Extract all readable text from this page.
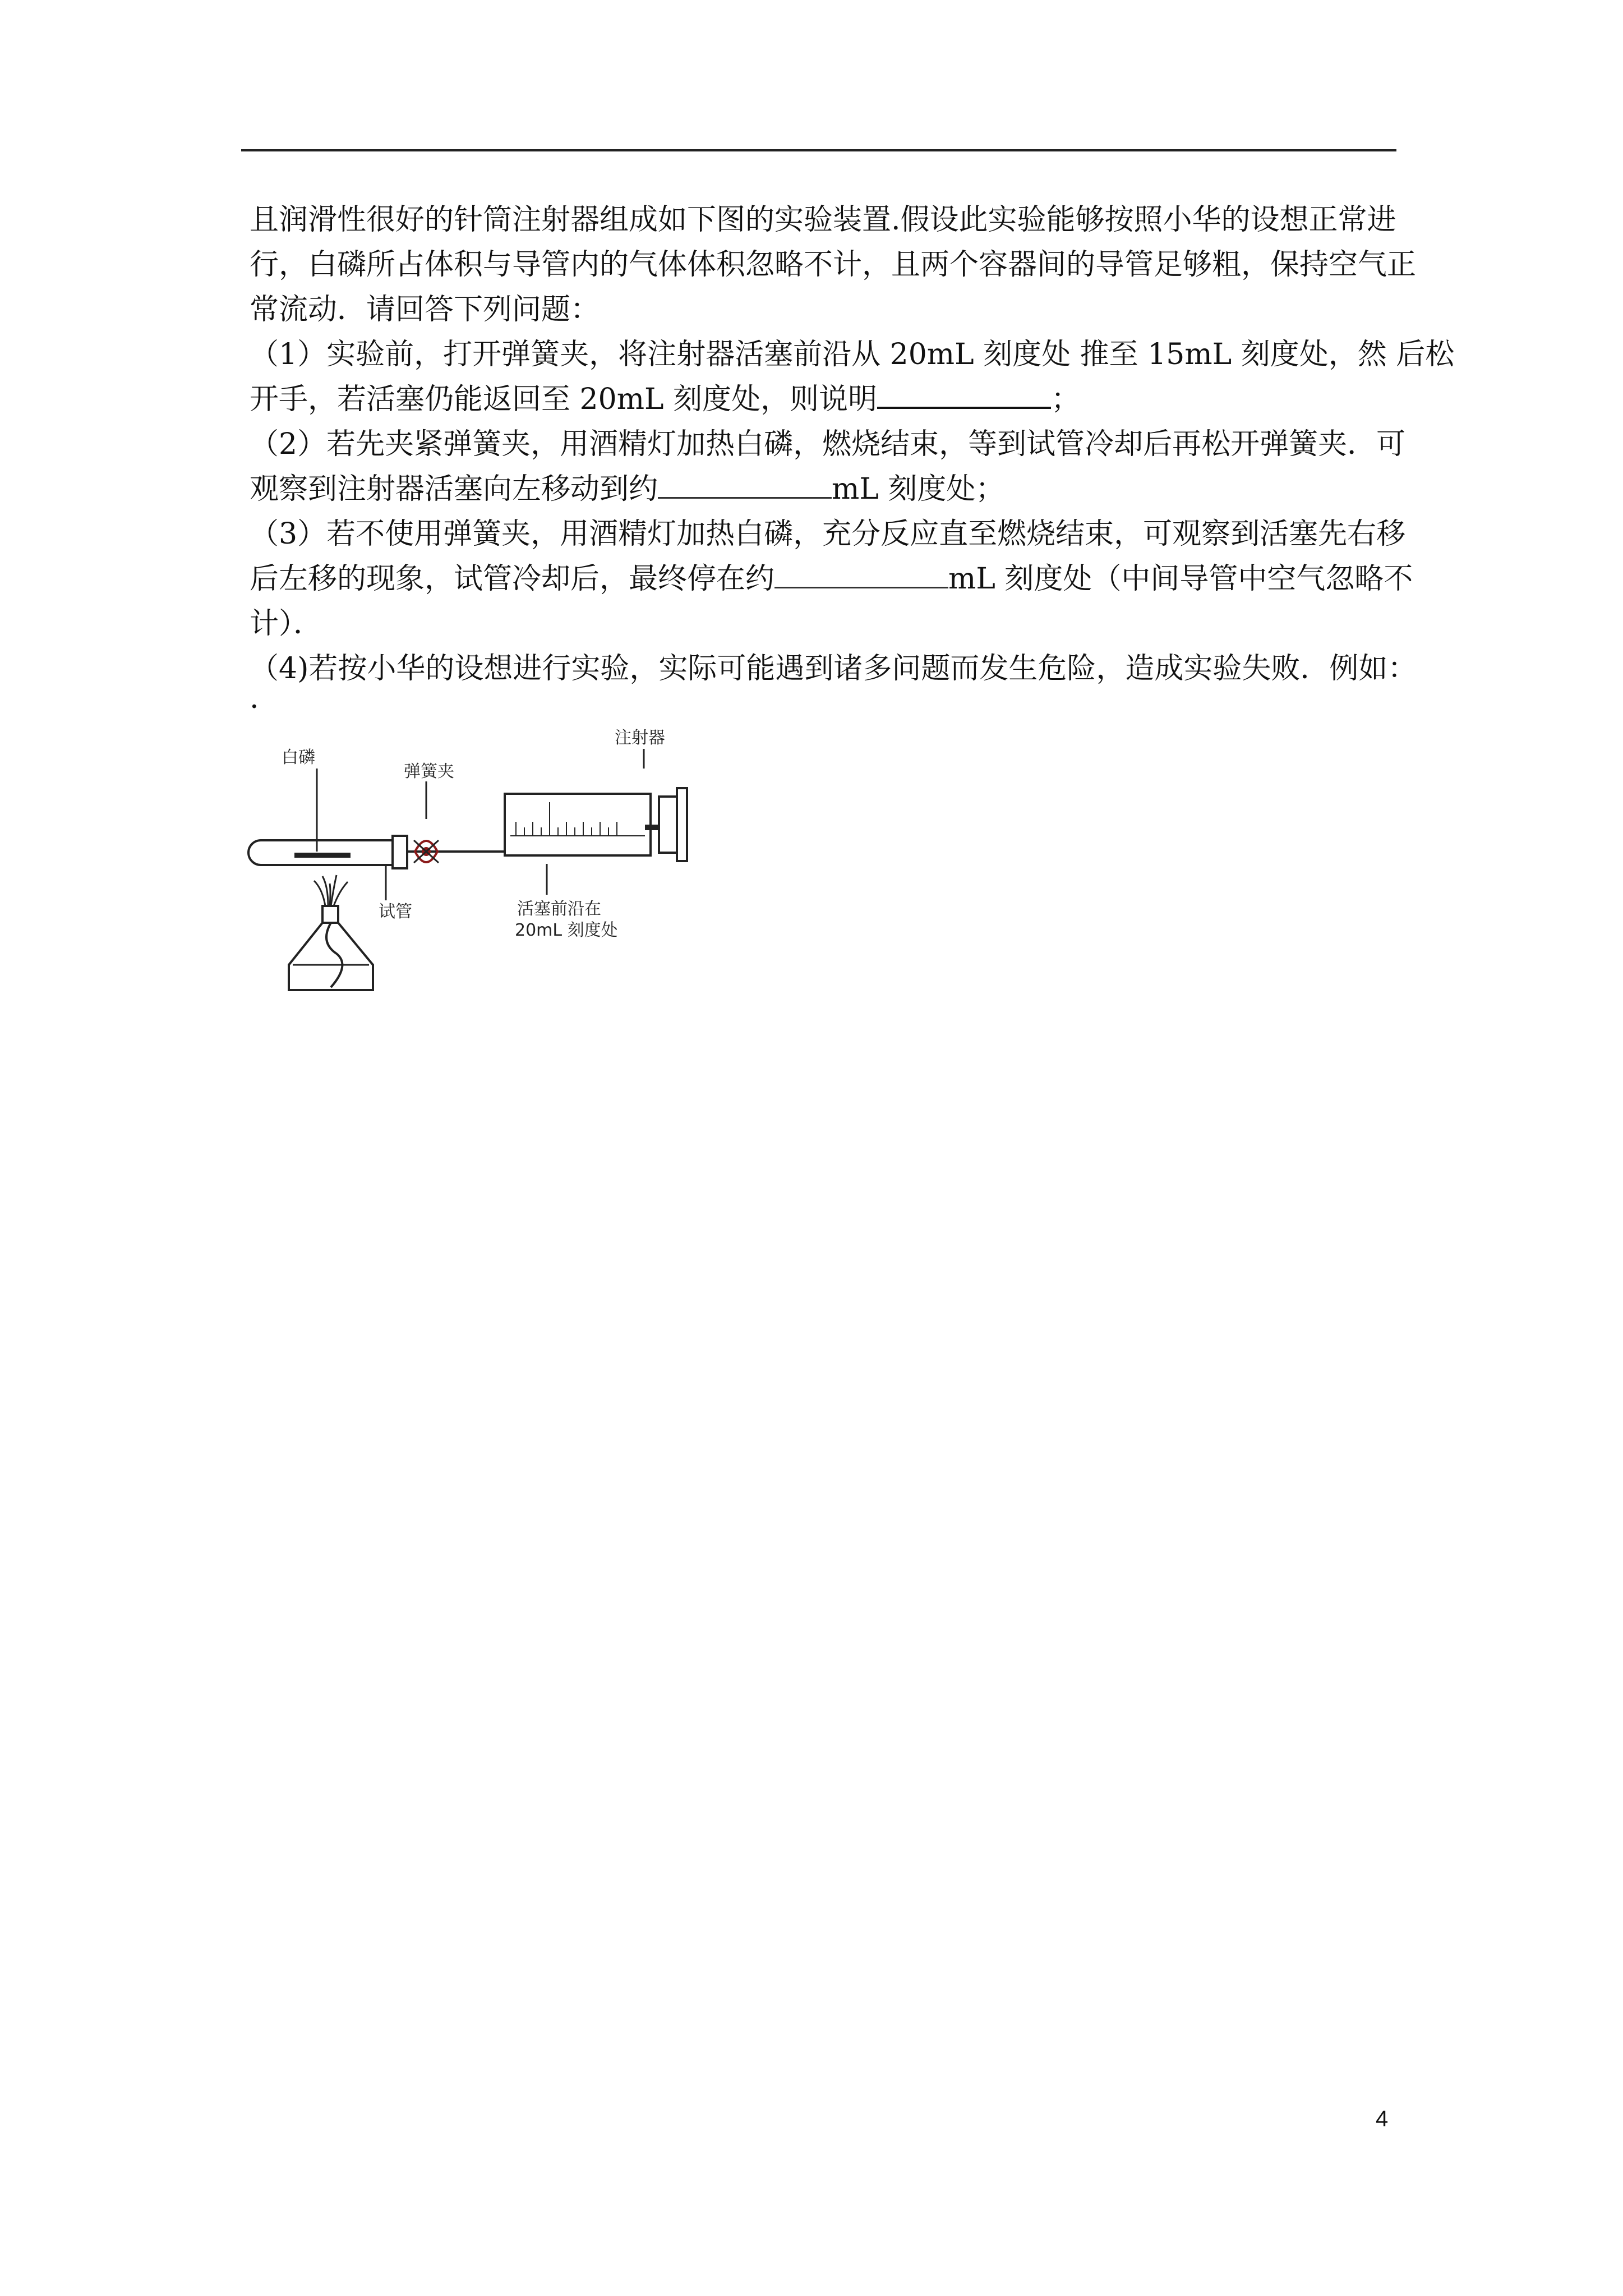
且润滑性很好的针筒注射器组成如下图的实验装置.假设此实验能够按照小华的设想正常进
行，白磷所占体积与导管内的气体体积忽略不计，且两个容器间的导管足够粗，保持空气正
常流动．请回答下列问题：
（1）实验前，打开弹簧夹，将注射器活塞前沿从 20mL 刻度处 推至 15mL 刻度处，然 后松
开手，若活塞仍能返回至 20mL 刻度处，则说明	；
（2）若先夹紧弹簧夹，用酒精灯加热白磷，燃烧结束，等到试管冷却后再松开弹簧夹．可
观察到注射器活塞向左移动到约	mL 刻度处；
（3）若不使用弹簧夹，用酒精灯加热白磷，充分反应直至燃烧结束，可观察到活塞先右移
后左移的现象，试管冷却后，最终停在约	mL 刻度处（中间导管中空气忽略不
计）．
（4)若按小华的设想进行实验，实际可能遇到诸多问题而发生危险，造成实验失败．例如：
.
白磷
弹簧夹
注射器
试管	活塞前沿在
20mL 刻度处
4
